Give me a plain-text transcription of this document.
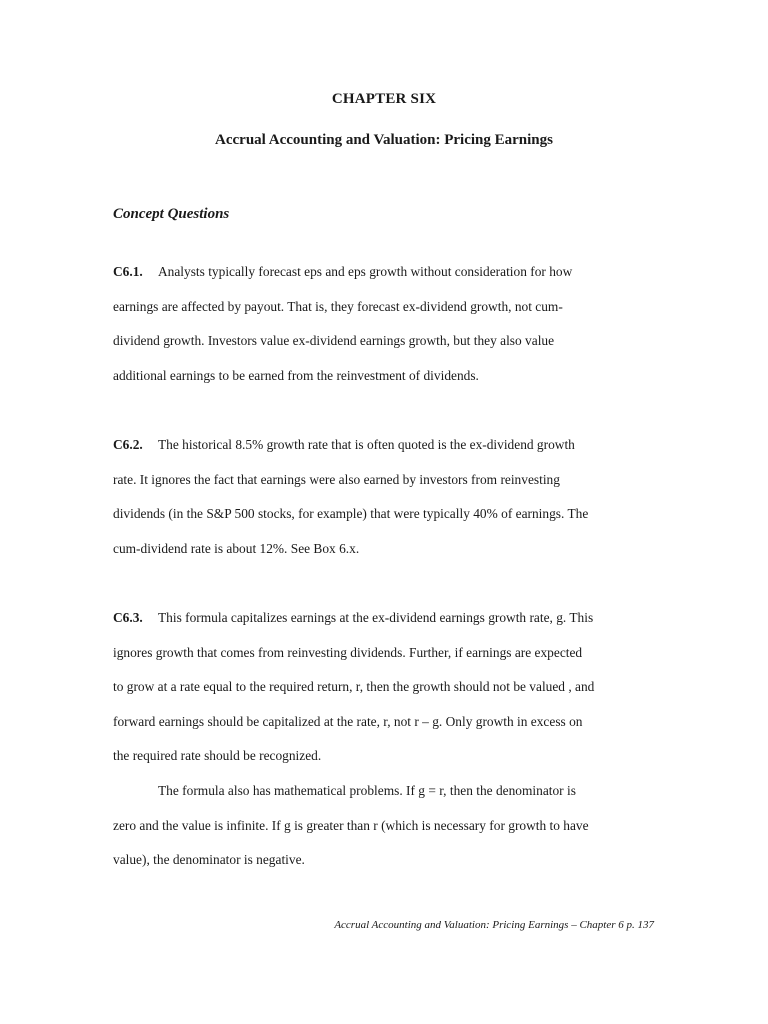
CHAPTER SIX
Accrual Accounting and Valuation: Pricing Earnings
Concept Questions
C6.1. Analysts typically forecast eps and eps growth without consideration for how
earnings are affected by payout. That is, they forecast ex-dividend growth, not cum-
dividend growth. Investors value ex-dividend earnings growth, but they also value
additional earnings to be earned from the reinvestment of dividends.
C6.2. The historical 8.5% growth rate that is often quoted is the ex-dividend growth
rate. It ignores the fact that earnings were also earned by investors from reinvesting
dividends (in the S&P 500 stocks, for example) that were typically 40% of earnings. The
cum-dividend rate is about 12%. See Box 6.x.
C6.3. This formula capitalizes earnings at the ex-dividend earnings growth rate, g. This
ignores growth that comes from reinvesting dividends. Further, if earnings are expected
to grow at a rate equal to the required return, r, then the growth should not be valued , and
forward earnings should be capitalized at the rate, r, not r – g. Only growth in excess on
the required rate should be recognized.
The formula also has mathematical problems. If g = r, then the denominator is
zero and the value is infinite. If g is greater than r (which is necessary for growth to have
value), the denominator is negative.
Accrual Accounting and Valuation: Pricing Earnings – Chapter 6 p. 137
